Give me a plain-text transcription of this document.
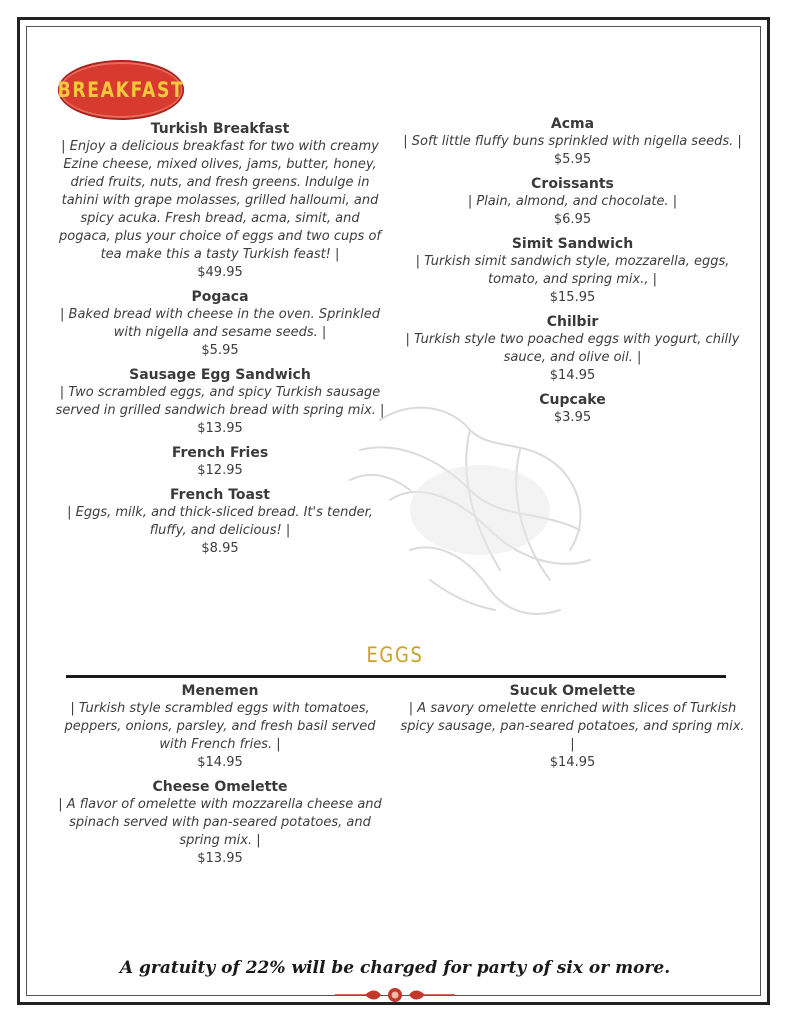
BREAKFAST
Turkish Breakfast
| Enjoy a delicious breakfast for two with creamy Ezine cheese, mixed olives, jams, butter, honey, dried fruits, nuts, and fresh greens. Indulge in tahini with grape molasses, grilled halloumi, and spicy acuka. Fresh bread, acma, simit, and pogaca, plus your choice of eggs and two cups of tea make this a tasty Turkish feast! |
$49.95
Pogaca
| Baked bread with cheese in the oven. Sprinkled with nigella and sesame seeds. |
$5.95
Sausage Egg Sandwich
| Two scrambled eggs, and spicy Turkish sausage served in grilled sandwich bread with spring mix. |
$13.95
French Fries
$12.95
French Toast
| Eggs, milk, and thick-sliced bread. It's tender, fluffy, and delicious! |
$8.95
Acma
| Soft little fluffy buns sprinkled with nigella seeds. |
$5.95
Croissants
| Plain, almond, and chocolate. |
$6.95
Simit Sandwich
| Turkish simit sandwich style, mozzarella, eggs, tomato, and spring mix., |
$15.95
Chilbir
| Turkish style two poached eggs with yogurt, chilly sauce, and olive oil. |
$14.95
Cupcake
$3.95
EGGS
Menemen
| Turkish style scrambled eggs with tomatoes, peppers, onions, parsley, and fresh basil served with French fries. |
$14.95
Cheese Omelette
| A flavor of omelette with mozzarella cheese and spinach served with pan-seared potatoes, and spring mix. |
$13.95
Sucuk Omelette
| A savory omelette enriched with slices of Turkish spicy sausage, pan-seared potatoes, and spring mix. |
$14.95
A gratuity of 22% will be charged for party of six or more.
